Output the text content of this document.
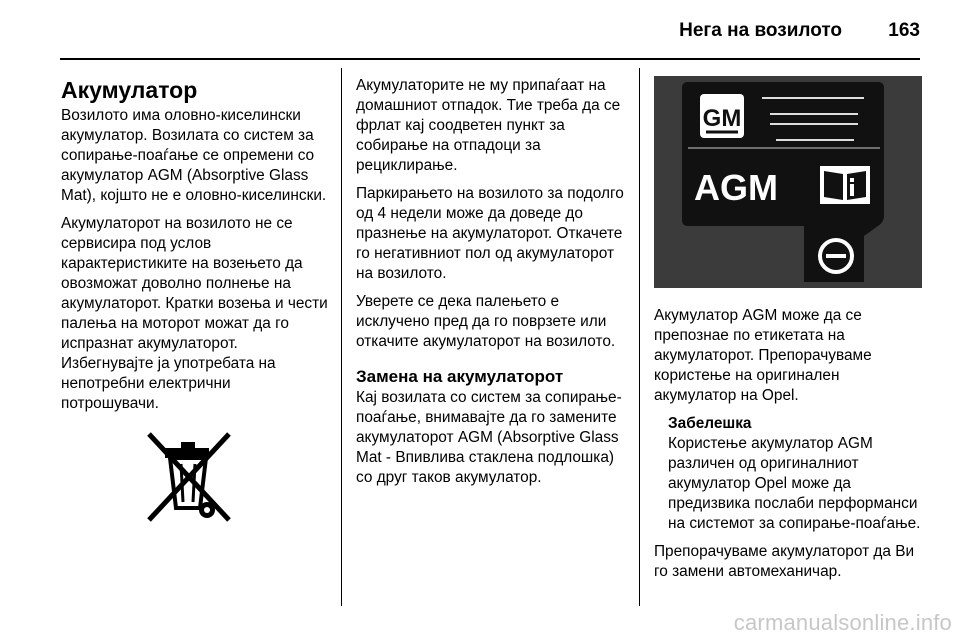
Нега на возилото 163
Акумулатор

Возилото има оловно-киселински акумулатор. Возилата со систем за сопирање-поаѓање се опремени со акумулатор AGM (Absorptive Glass Mat), којшто не е оловно-киселински.

Акумулаторот на возилото не се сервисира под услов карактеристиките на возењето да овозможат доволно полнење на акумулаторот. Кратки возења и чести палења на моторот можат да го испразнат акумулаторот. Избегнувајте ја употребата на непотребни електрични потрошувачи.

Акумулаторите не му припаѓаат на домашниот отпадок. Тие треба да се фрлат кај соодветен пункт за собирање на отпадоци за рециклирање.

Паркирањето на возилото за подолго од 4 недели може да доведе до празнење на акумулаторот. Откачете го негативниот пол од акумулаторот на возилото.

Уверете се дека палењето е исклучено пред да го поврзете или откачите акумулаторот на возилото.

Замена на акумулаторот

Кај возилата со систем за сопирање-поаѓање, внимавајте да го замените акумулаторот AGM (Absorptive Glass Mat - Впивлива стаклена подлошка) со друг таков акумулатор.

GM
AGM

Акумулатор AGM може да се препознае по етикетата на акумулаторот. Препорачуваме користење на оригинален акумулатор на Opel.

Забелешка

Користење акумулатор AGM различен од оригиналниот акумулатор Opel може да предизвика послаби перформанси на системот за сопирање-поаѓање.

Препорачуваме акумулаторот да Ви го замени автомеханичар.

carmanualsonline.info
